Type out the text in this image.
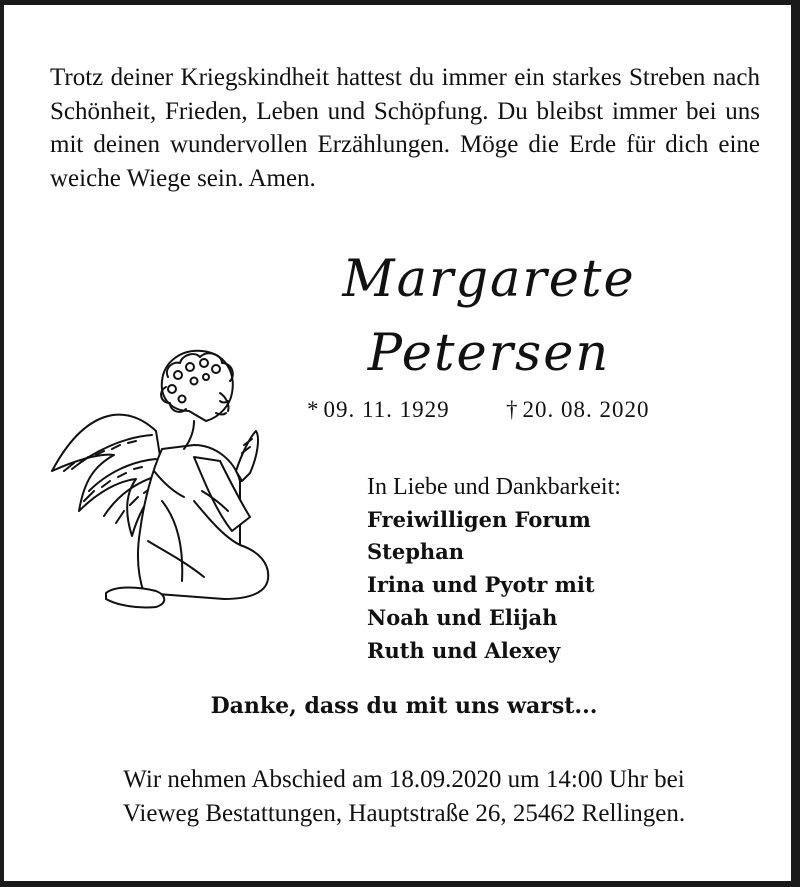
Trotz deiner Kriegskindheit hattest du immer ein starkes Streben nach Schönheit, Frieden, Leben und Schöpfung. Du bleibst immer bei uns mit deinen wundervollen Erzählungen. Möge die Erde für dich eine weiche Wiege sein. Amen.

Margarete
Petersen
* 09. 11. 1929 † 20. 08. 2020
In Liebe und Dankbarkeit:
Freiwilligen Forum
Stephan
Irina und Pyotr mit
Noah und Elijah
Ruth und Alexey
Danke, dass du mit uns warst...

Wir nehmen Abschied am 18.09.2020 um 14:00 Uhr bei
Vieweg Bestattungen, Hauptstraße 26, 25462 Rellingen.
